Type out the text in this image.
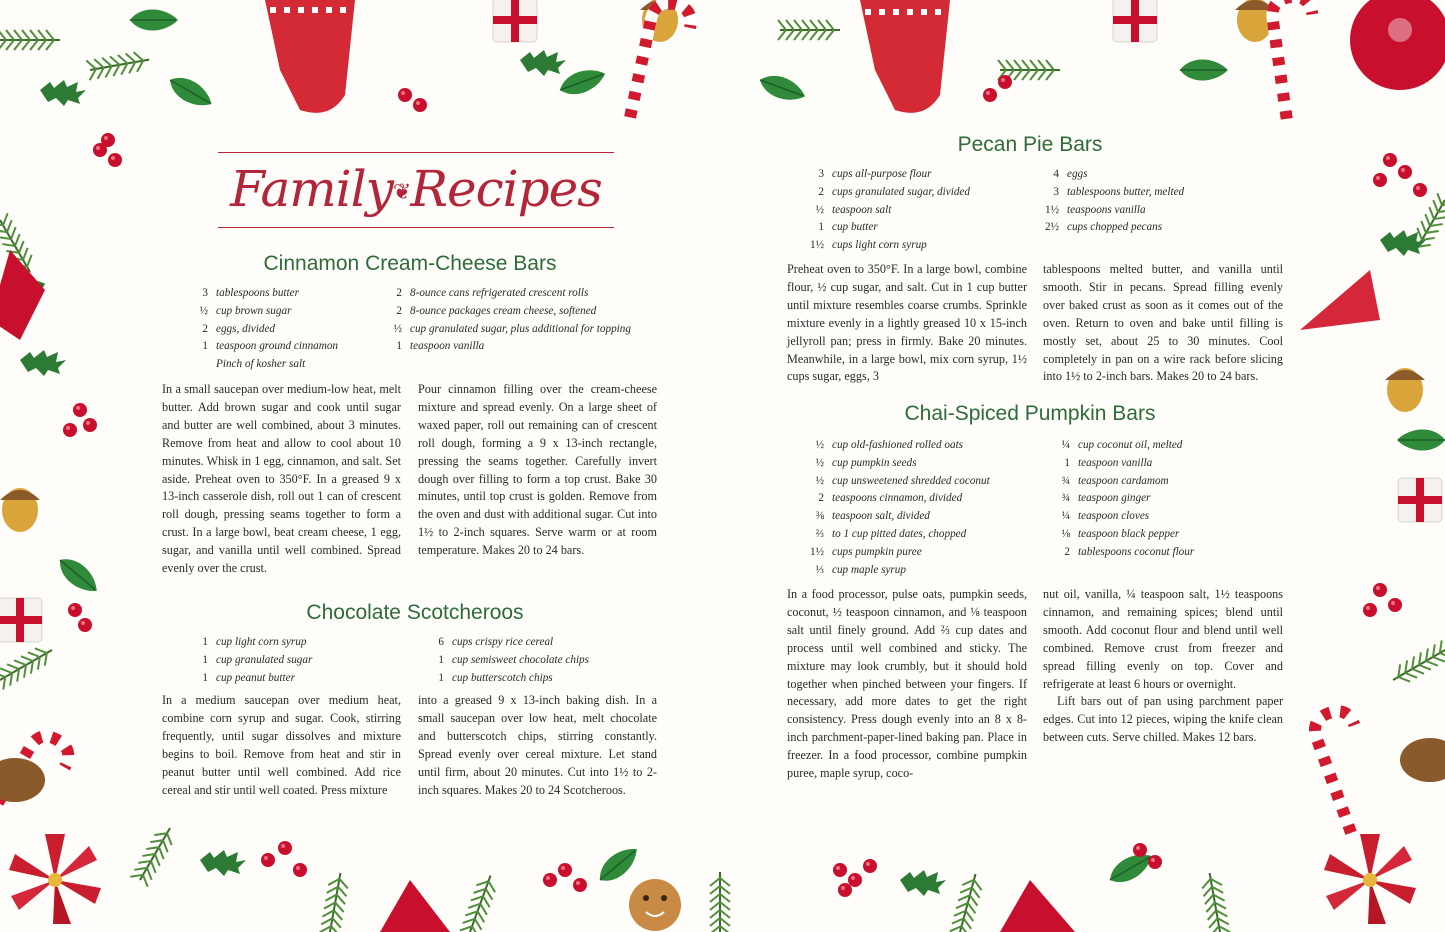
Family❦Recipes
Cinnamon Cream-Cheese Bars
3 tablespoons butter
½ cup brown sugar
2 eggs, divided
1 teaspoon ground cinnamon
Pinch of kosher salt
2 8-ounce cans refrigerated crescent rolls
2 8-ounce packages cream cheese, softened
½ cup granulated sugar, plus additional for topping
1 teaspoon vanilla

In a small saucepan over medium-low heat, melt butter. Add brown sugar and cook until sugar and butter are well combined, about 3 minutes. Remove from heat and allow to cool about 10 minutes. Whisk in 1 egg, cinnamon, and salt. Set aside. Preheat oven to 350°F. In a greased 9 x 13-inch casserole dish, roll out 1 can of crescent roll dough, pressing seams together to form a crust. In a large bowl, beat cream cheese, 1 egg, sugar, and vanilla until well combined. Spread evenly over the crust.

Pour cinnamon filling over the cream-cheese mixture and spread evenly. On a large sheet of waxed paper, roll out remaining can of crescent roll dough, forming a 9 x 13-inch rectangle, pressing the seams together. Carefully invert dough over filling to form a top crust. Bake 30 minutes, until top crust is golden. Remove from the oven and dust with additional sugar. Cut into 1½ to 2-inch squares. Serve warm or at room temperature. Makes 20 to 24 bars.

Chocolate Scotcheroos
1 cup light corn syrup
1 cup granulated sugar
1 cup peanut butter
6 cups crispy rice cereal
1 cup semisweet chocolate chips
1 cup butterscotch chips

In a medium saucepan over medium heat, combine corn syrup and sugar. Cook, stirring frequently, until sugar dissolves and mixture begins to boil. Remove from heat and stir in peanut butter until well combined. Add rice cereal and stir until well coated. Press mixture

into a greased 9 x 13-inch baking dish. In a small saucepan over low heat, melt chocolate and butterscotch chips, stirring constantly. Spread evenly over cereal mixture. Let stand until firm, about 20 minutes. Cut into 1½ to 2-inch squares. Makes 20 to 24 Scotcheroos.

Pecan Pie Bars
3 cups all-purpose flour
2 cups granulated sugar, divided
½ teaspoon salt
1 cup butter
1½ cups light corn syrup
4 eggs
3 tablespoons butter, melted
1½ teaspoons vanilla
2½ cups chopped pecans

Preheat oven to 350°F. In a large bowl, combine flour, ½ cup sugar, and salt. Cut in 1 cup butter until mixture resembles coarse crumbs. Sprinkle mixture evenly in a lightly greased 10 x 15-inch jellyroll pan; press in firmly. Bake 20 minutes. Meanwhile, in a large bowl, mix corn syrup, 1½ cups sugar, eggs, 3

tablespoons melted butter, and vanilla until smooth. Stir in pecans. Spread filling evenly over baked crust as soon as it comes out of the oven. Return to oven and bake until filling is mostly set, about 25 to 30 minutes. Cool completely in pan on a wire rack before slicing into 1½ to 2-inch bars. Makes 20 to 24 bars.

Chai-Spiced Pumpkin Bars
½ cup old-fashioned rolled oats
½ cup pumpkin seeds
½ cup unsweetened shredded coconut
2 teaspoons cinnamon, divided
⅜ teaspoon salt, divided
⅔ to 1 cup pitted dates, chopped
1½ cups pumpkin puree
⅓ cup maple syrup
¼ cup coconut oil, melted
1 teaspoon vanilla
¾ teaspoon cardamom
¾ teaspoon ginger
¼ teaspoon cloves
⅛ teaspoon black pepper
2 tablespoons coconut flour

In a food processor, pulse oats, pumpkin seeds, coconut, ½ teaspoon cinnamon, and ⅛ teaspoon salt until finely ground. Add ⅔ cup dates and process until well combined and sticky. The mixture may look crumbly, but it should hold together when pinched between your fingers. If necessary, add more dates to get the right consistency. Press dough evenly into an 8 x 8-inch parchment-paper-lined baking pan. Place in freezer. In a food processor, combine pumpkin puree, maple syrup, coco-

nut oil, vanilla, ¼ teaspoon salt, 1½ teaspoons cinnamon, and remaining spices; blend until smooth. Add coconut flour and blend until well combined. Remove crust from freezer and spread filling evenly on top. Cover and refrigerate at least 6 hours or overnight.

Lift bars out of pan using parchment paper edges. Cut into 12 pieces, wiping the knife clean between cuts. Serve chilled. Makes 12 bars.
